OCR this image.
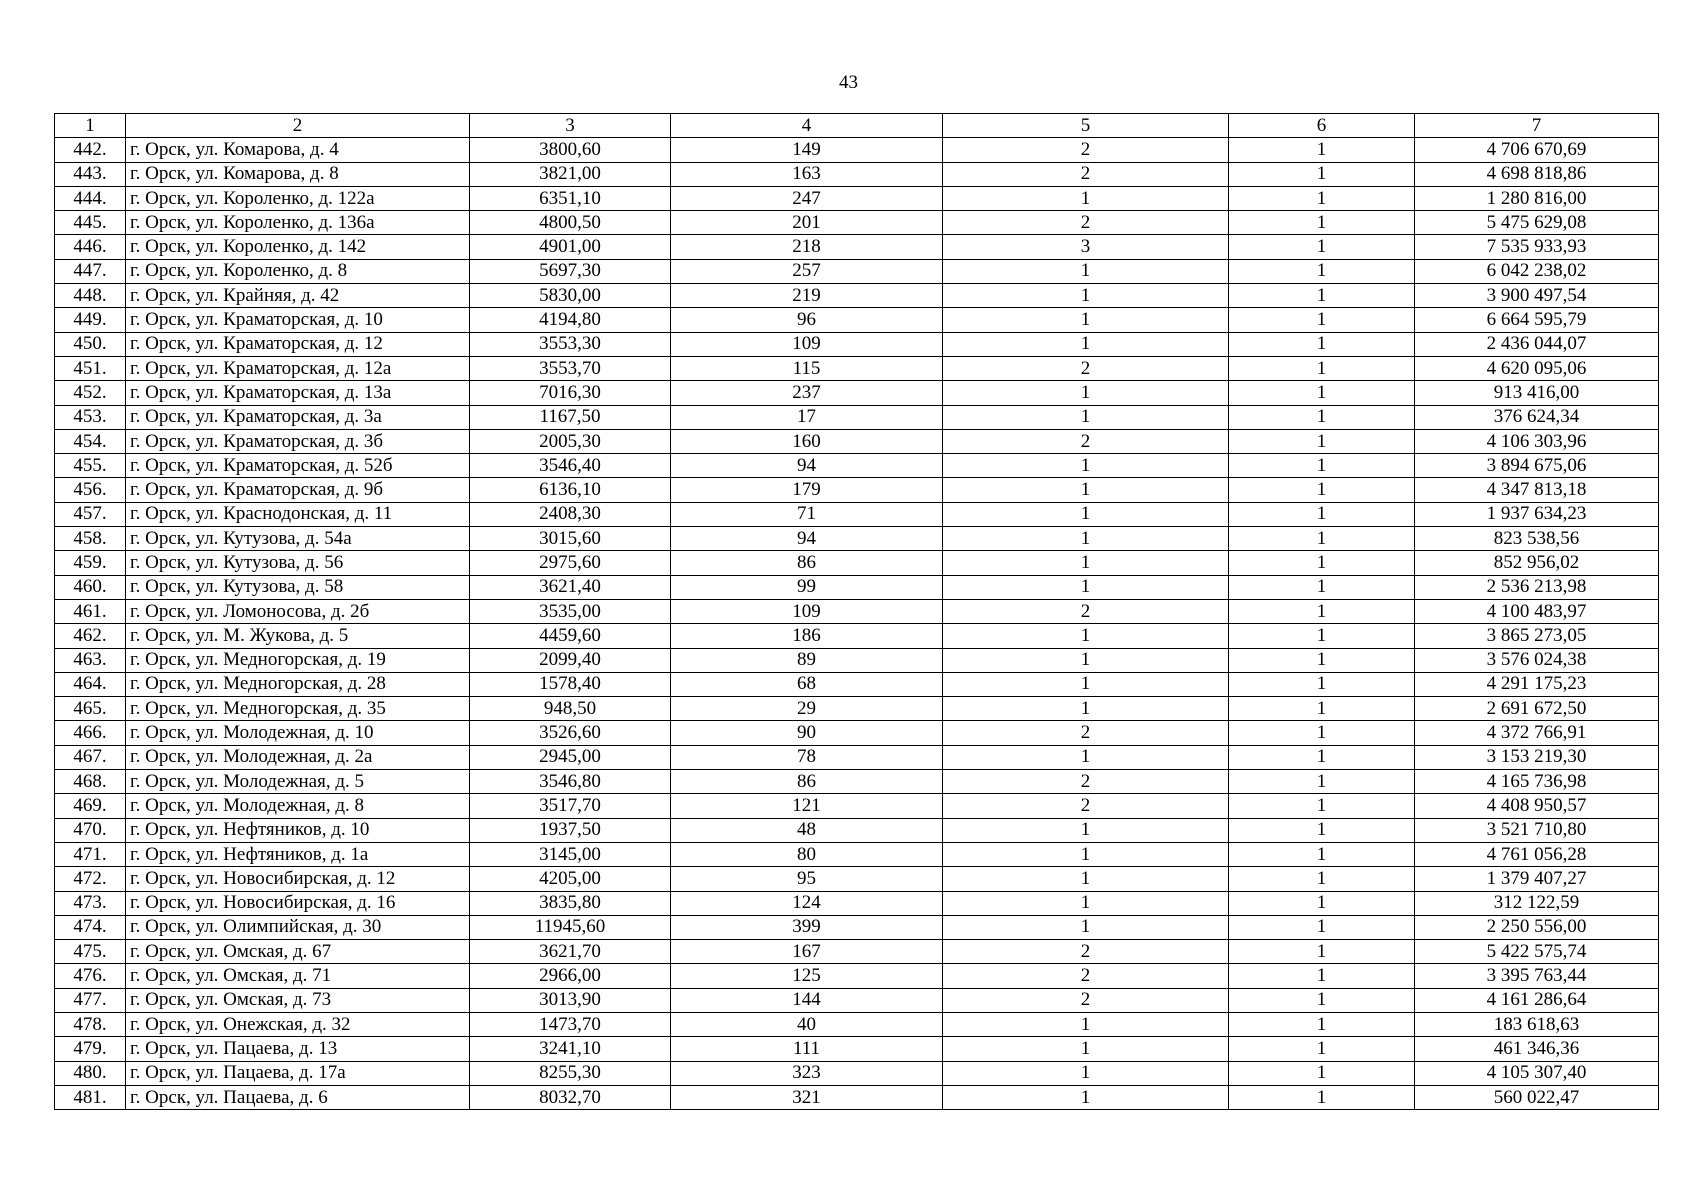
43
1	2	3	4	5	6	7
442.	г. Орск, ул. Комарова, д. 4	3800,60	149	2	1	4 706 670,69
443.	г. Орск, ул. Комарова, д. 8	3821,00	163	2	1	4 698 818,86
444.	г. Орск, ул. Короленко, д. 122а	6351,10	247	1	1	1 280 816,00
445.	г. Орск, ул. Короленко, д. 136а	4800,50	201	2	1	5 475 629,08
446.	г. Орск, ул. Короленко, д. 142	4901,00	218	3	1	7 535 933,93
447.	г. Орск, ул. Короленко, д. 8	5697,30	257	1	1	6 042 238,02
448.	г. Орск, ул. Крайняя, д. 42	5830,00	219	1	1	3 900 497,54
449.	г. Орск, ул. Краматорская, д. 10	4194,80	96	1	1	6 664 595,79
450.	г. Орск, ул. Краматорская, д. 12	3553,30	109	1	1	2 436 044,07
451.	г. Орск, ул. Краматорская, д. 12а	3553,70	115	2	1	4 620 095,06
452.	г. Орск, ул. Краматорская, д. 13а	7016,30	237	1	1	913 416,00
453.	г. Орск, ул. Краматорская, д. 3а	1167,50	17	1	1	376 624,34
454.	г. Орск, ул. Краматорская, д. 3б	2005,30	160	2	1	4 106 303,96
455.	г. Орск, ул. Краматорская, д. 52б	3546,40	94	1	1	3 894 675,06
456.	г. Орск, ул. Краматорская, д. 9б	6136,10	179	1	1	4 347 813,18
457.	г. Орск, ул. Краснодонская, д. 11	2408,30	71	1	1	1 937 634,23
458.	г. Орск, ул. Кутузова, д. 54а	3015,60	94	1	1	823 538,56
459.	г. Орск, ул. Кутузова, д. 56	2975,60	86	1	1	852 956,02
460.	г. Орск, ул. Кутузова, д. 58	3621,40	99	1	1	2 536 213,98
461.	г. Орск, ул. Ломоносова, д. 2б	3535,00	109	2	1	4 100 483,97
462.	г. Орск, ул. М. Жукова, д. 5	4459,60	186	1	1	3 865 273,05
463.	г. Орск, ул. Медногорская, д. 19	2099,40	89	1	1	3 576 024,38
464.	г. Орск, ул. Медногорская, д. 28	1578,40	68	1	1	4 291 175,23
465.	г. Орск, ул. Медногорская, д. 35	948,50	29	1	1	2 691 672,50
466.	г. Орск, ул. Молодежная, д. 10	3526,60	90	2	1	4 372 766,91
467.	г. Орск, ул. Молодежная, д. 2а	2945,00	78	1	1	3 153 219,30
468.	г. Орск, ул. Молодежная, д. 5	3546,80	86	2	1	4 165 736,98
469.	г. Орск, ул. Молодежная, д. 8	3517,70	121	2	1	4 408 950,57
470.	г. Орск, ул. Нефтяников, д. 10	1937,50	48	1	1	3 521 710,80
471.	г. Орск, ул. Нефтяников, д. 1а	3145,00	80	1	1	4 761 056,28
472.	г. Орск, ул. Новосибирская, д. 12	4205,00	95	1	1	1 379 407,27
473.	г. Орск, ул. Новосибирская, д. 16	3835,80	124	1	1	312 122,59
474.	г. Орск, ул. Олимпийская, д. 30	11945,60	399	1	1	2 250 556,00
475.	г. Орск, ул. Омская, д. 67	3621,70	167	2	1	5 422 575,74
476.	г. Орск, ул. Омская, д. 71	2966,00	125	2	1	3 395 763,44
477.	г. Орск, ул. Омская, д. 73	3013,90	144	2	1	4 161 286,64
478.	г. Орск, ул. Онежская, д. 32	1473,70	40	1	1	183 618,63
479.	г. Орск, ул. Пацаева, д. 13	3241,10	111	1	1	461 346,36
480.	г. Орск, ул. Пацаева, д. 17а	8255,30	323	1	1	4 105 307,40
481.	г. Орск, ул. Пацаева, д. 6	8032,70	321	1	1	560 022,47
